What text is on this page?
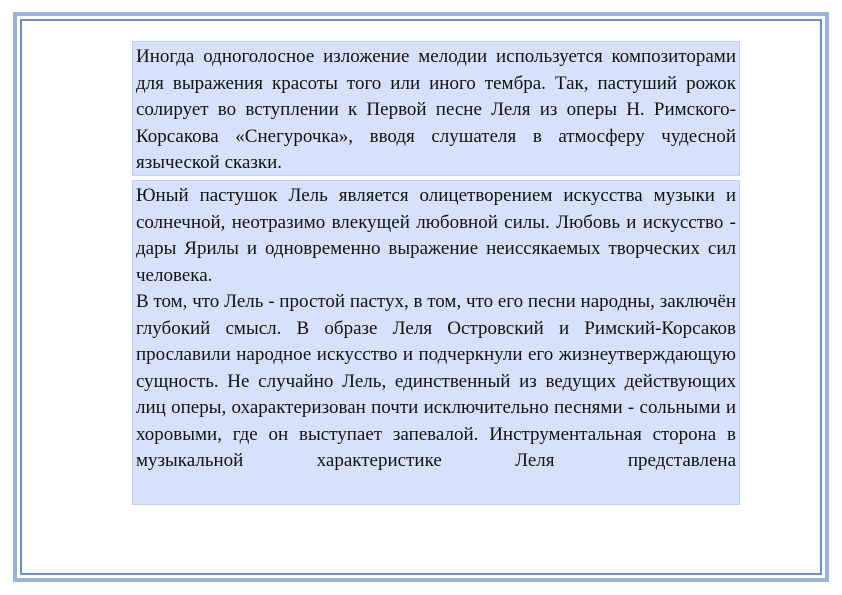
Иногда одноголосное изложение мелодии используется композиторами для выражения красоты того или иного тембра. Так, пастуший рожок солирует во вступлении к Первой песне Леля из оперы Н. Римского-Корсакова «Снегурочка», вводя слушателя в атмосферу чудесной языческой сказки.
Юный пастушок Лель является олицетворением искусства музыки и солнечной, неотразимо влекущей любовной силы. Любовь и искусство - дары Ярилы и одновременно выражение неиссякаемых творческих сил человека.
В том, что Лель - простой пастух, в том, что его песни народны, заключён глубокий смысл. В образе Леля Островский и Римский-Корсаков прославили народное искусство и подчеркнули его жизнеутверждающую сущность. Не случайно Лель, единственный из ведущих действующих лиц оперы, охарактеризован почти исключительно песнями - сольными и хоровыми, где он выступает запевалой. Инструментальная сторона в музыкальной характеристике Леля представлена
